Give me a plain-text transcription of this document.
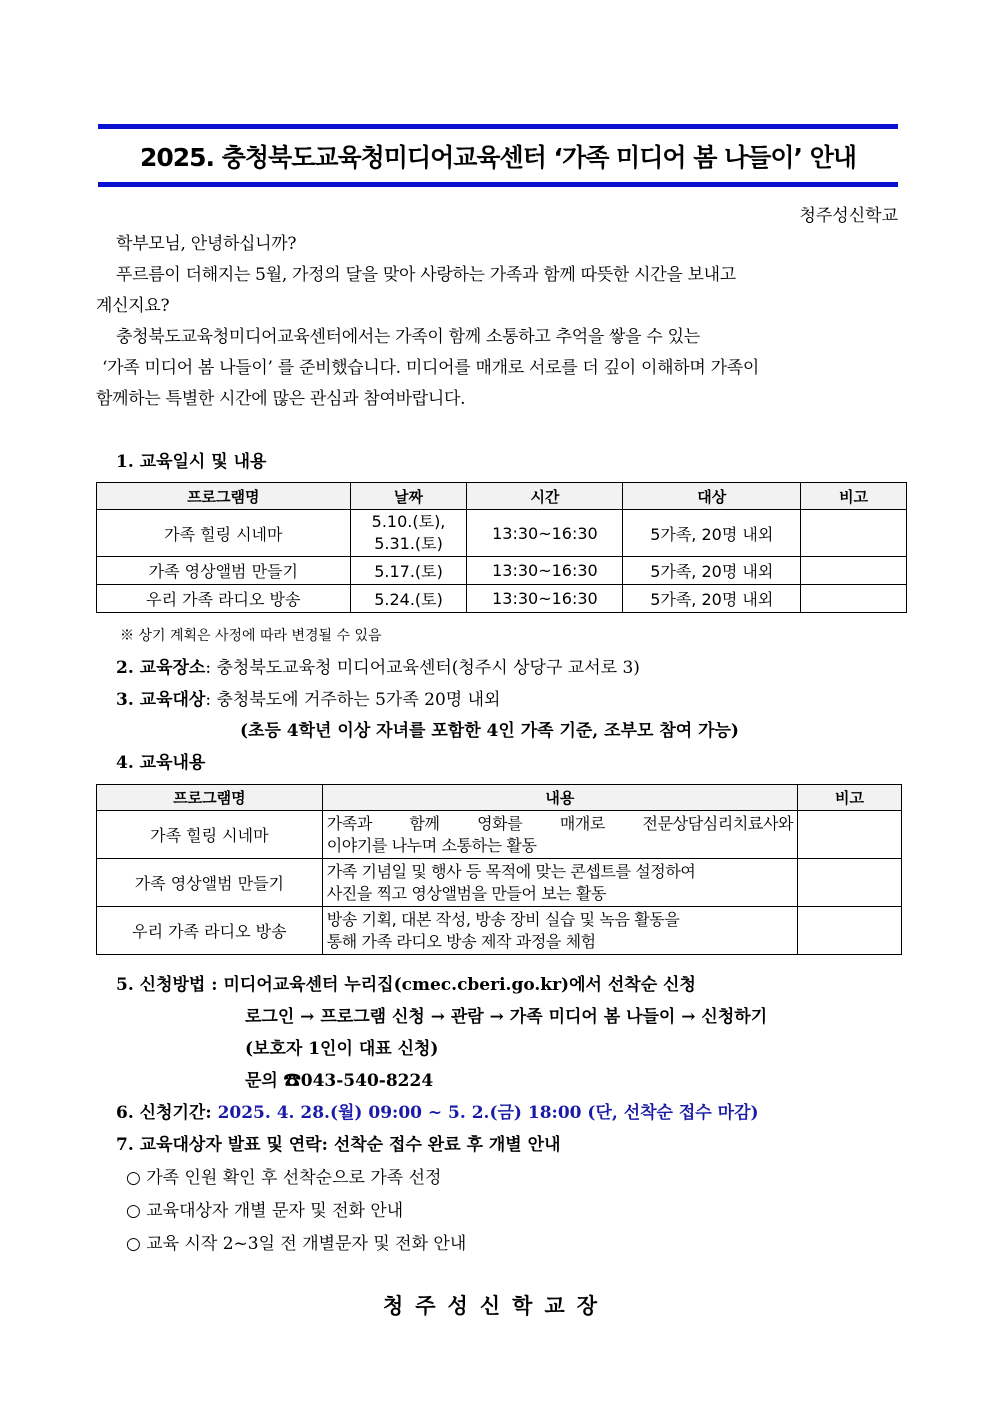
2025. 충청북도교육청미디어교육센터 ‘가족 미디어 봄 나들이’ 안내
청주성신학교

학부모님, 안녕하십니까?

푸르름이 더해지는 5월, 가정의 달을 맞아 사랑하는 가족과 함께 따뜻한 시간을 보내고

계신지요?

충청북도교육청미디어교육센터에서는 가족이 함께 소통하고 추억을 쌓을 수 있는

‘가족 미디어 봄 나들이’ 를 준비했습니다. 미디어를 매개로 서로를 더 깊이 이해하며 가족이

함께하는 특별한 시간에 많은 관심과 참여바랍니다.

1. 교육일시 및 내용
프로그램명	날짜	시간	대상	비고
가족 힐링 시네마	5.10.(토),
5.31.(토)	13:30~16:30	5가족, 20명 내외	
가족 영상앨범 만들기	5.17.(토)	13:30~16:30	5가족, 20명 내외	
우리 가족 라디오 방송	5.24.(토)	13:30~16:30	5가족, 20명 내외	
※ 상기 계획은 사정에 따라 변경될 수 있음
2. 교육장소: 충청북도교육청 미디어교육센터(청주시 상당구 교서로 3)
3. 교육대상: 충청북도에 거주하는 5가족 20명 내외
(초등 4학년 이상 자녀를 포함한 4인 가족 기준, 조부모 참여 가능)
4. 교육내용
프로그램명	내용	비고
가족 힐링 시네마	가족과 함께 영화를 매개로 전문상담심리치료사와
이야기를 나누며 소통하는 활동	

가족 영상앨범 만들기	가족 기념일 및 행사 등 목적에 맞는 콘셉트를 설정하여
사진을 찍고 영상앨범을 만들어 보는 활동	

우리 가족 라디오 방송	방송 기획, 대본 작성, 방송 장비 실습 및 녹음 활동을
통해 가족 라디오 방송 제작 과정을 체험	

5. 신청방법 : 미디어교육센터 누리집(cmec.cberi.go.kr)에서 선착순 신청
로그인 → 프로그램 신청 → 관람 → 가족 미디어 봄 나들이 → 신청하기
(보호자 1인이 대표 신청)
문의 ☎043-540-8224
6. 신청기간: 2025. 4. 28.(월) 09:00 ~ 5. 2.(금) 18:00 (단, 선착순 접수 마감)
7. 교육대상자 발표 및 연락: 선착순 접수 완료 후 개별 안내
○ 가족 인원 확인 후 선착순으로 가족 선정
○ 교육대상자 개별 문자 및 전화 안내
○ 교육 시작 2~3일 전 개별문자 및 전화 안내
청주성신학교장
